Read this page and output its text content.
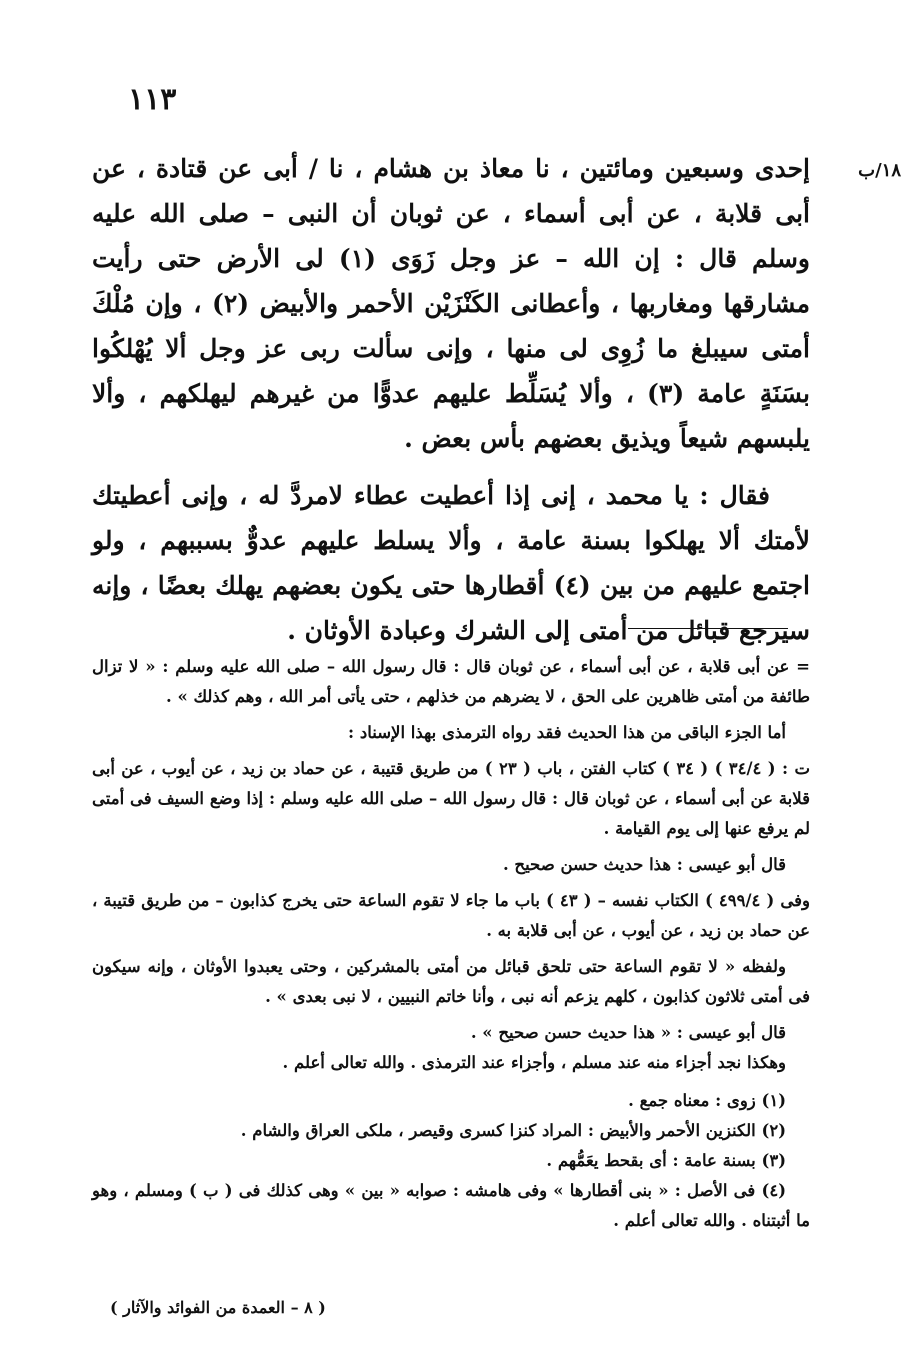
١١٣
١٨/ب

إحدى وسبعين ومائتين ، نا معاذ بن هشام ، نا / أبى عن قتادة ، عن أبى قلابة ، عن أبى أسماء ، عن ثوبان أن النبى – صلى الله عليه وسلم قال : إن الله – عز وجل زَوَى (١) لى الأرض حتى رأيت مشارقها ومغاربها ، وأعطانى الكَنْزَيْن الأحمر والأبيض (٢) ، وإن مُلْكَ أمتى سيبلغ ما زُوِى لى منها ، وإنى سألت ربى عز وجل ألا يُهْلكُوا بسَنَةٍ عامة (٣) ، وألا يُسَلِّط عليهم عدوًّا من غيرهم ليهلكهم ، وألا يلبسهم شيعاً ويذيق بعضهم بأس بعض .

فقال : يا محمد ، إنى إذا أعطيت عطاء لامردَّ له ، وإنى أعطيتك لأمتك ألا يهلكوا بسنة عامة ، وألا يسلط عليهم عدوٌّ بسببهم ، ولو اجتمع عليهم من بين (٤) أقطارها حتى يكون بعضهم يهلك بعضًا ، وإنه سيرجع قبائل من أمتى إلى الشرك وعبادة الأوثان .

= عن أبى قلابة ، عن أبى أسماء ، عن ثوبان قال : قال رسول الله – صلى الله عليه وسلم : « لا تزال طائفة من أمتى ظاهرين على الحق ، لا يضرهم من خذلهم ، حتى يأتى أمر الله ، وهم كذلك » .

أما الجزء الباقى من هذا الحديث فقد رواه الترمذى بهذا الإسناد :

ت : ( ٣٤/٤ ) ( ٣٤ ) كتاب الفتن ، باب ( ٢٣ ) من طريق قتيبة ، عن حماد بن زيد ، عن أيوب ، عن أبى قلابة عن أبى أسماء ، عن ثوبان قال : قال رسول الله – صلى الله عليه وسلم : إذا وضع السيف فى أمتى لم يرفع عنها إلى يوم القيامة .

قال أبو عيسى : هذا حديث حسن صحيح .

وفى ( ٤٩٩/٤ ) الكتاب نفسه – ( ٤٣ ) باب ما جاء لا تقوم الساعة حتى يخرج كذابون – من طريق قتيبة ، عن حماد بن زيد ، عن أيوب ، عن أبى قلابة به .

ولفظه « لا تقوم الساعة حتى تلحق قبائل من أمتى بالمشركين ، وحتى يعبدوا الأوثان ، وإنه سيكون فى أمتى ثلاثون كذابون ، كلهم يزعم أنه نبى ، وأنا خاتم النبيين ، لا نبى بعدى » .

قال أبو عيسى : « هذا حديث حسن صحيح » .

وهكذا نجد أجزاء منه عند مسلم ، وأجزاء عند الترمذى . والله تعالى أعلم .

(١) زوى : معناه جمع .

(٢) الكنزين الأحمر والأبيض : المراد كنزا كسرى وقيصر ، ملكى العراق والشام .

(٣) بسنة عامة : أى بقحط يعَمُّهم .

(٤) فى الأصل : « بنى أقطارها » وفى هامشه : صوابه « بين » وهى كذلك فى ( ب ) ومسلم ، وهو ما أثبتناه . والله تعالى أعلم .

( ٨ – العمدة من الفوائد والآثار )
